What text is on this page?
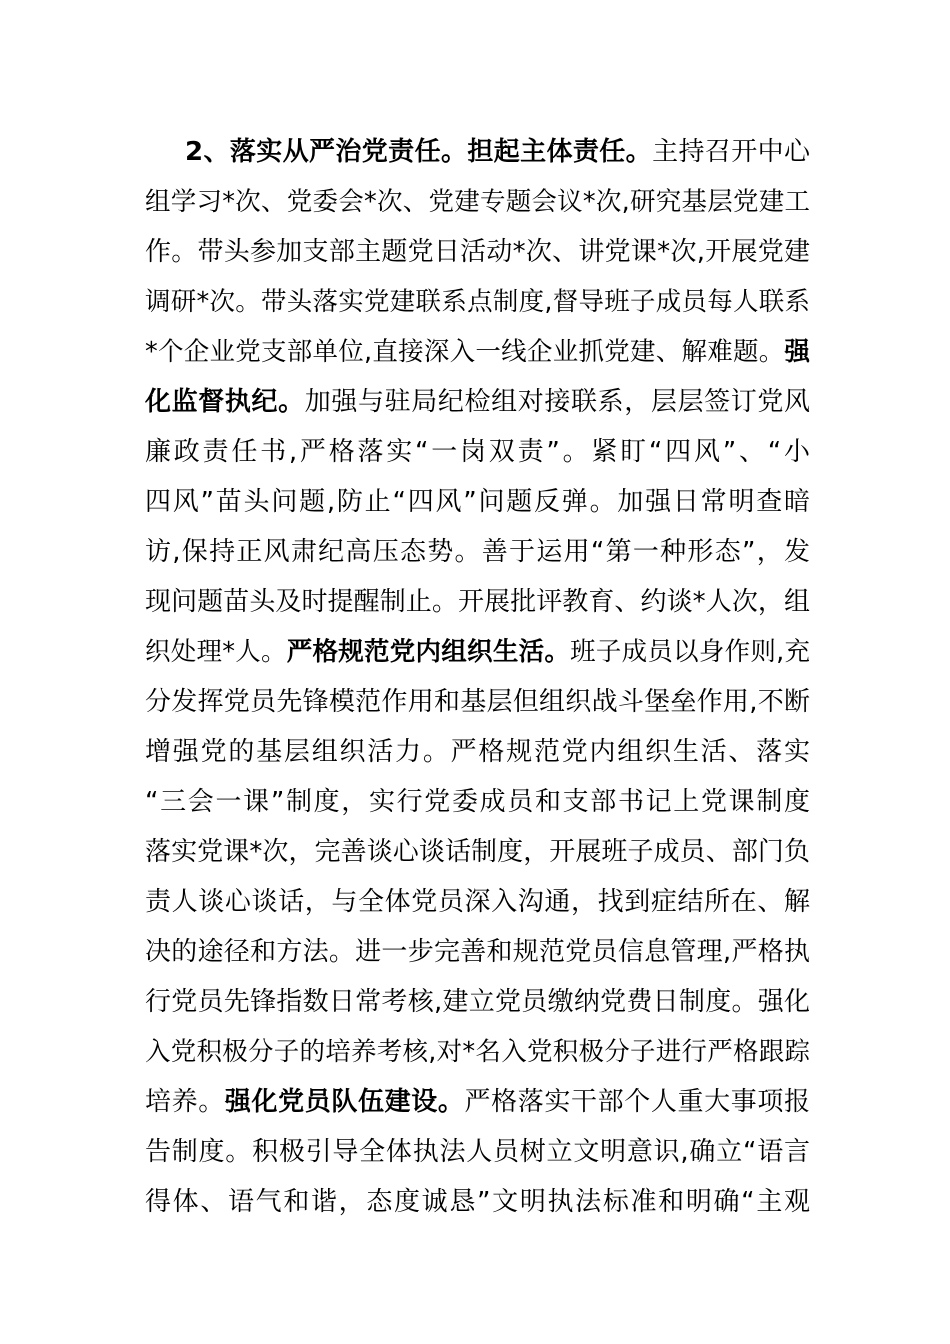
2、落实从严治党责任。担起主体责任。主持召开中心
组学习*次、党委会*次、党建专题会议*次,研究基层党建工
作。带头参加支部主题党日活动*次、讲党课*次,开展党建
调研*次。带头落实党建联系点制度,督导班子成员每人联系
*个企业党支部单位,直接深入一线企业抓党建、解难题。强
化监督执纪。加强与驻局纪检组对接联系，层层签订党风
廉政责任书,严格落实“一岗双责”。紧盯“四风”、“小
四风”苗头问题,防止“四风”问题反弹。加强日常明查暗
访,保持正风肃纪高压态势。善于运用“第一种形态”，发
现问题苗头及时提醒制止。开展批评教育、约谈*人次，组
织处理*人。严格规范党内组织生活。班子成员以身作则,充
分发挥党员先锋模范作用和基层但组织战斗堡垒作用,不断
增强党的基层组织活力。严格规范党内组织生活、落实
“三会一课”制度，实行党委成员和支部书记上党课制度
落实党课*次，完善谈心谈话制度，开展班子成员、部门负
责人谈心谈话，与全体党员深入沟通，找到症结所在、解
决的途径和方法。进一步完善和规范党员信息管理,严格执
行党员先锋指数日常考核,建立党员缴纳党费日制度。强化
入党积极分子的培养考核,对*名入党积极分子进行严格跟踪
培养。强化党员队伍建设。严格落实干部个人重大事项报
告制度。积极引导全体执法人员树立文明意识,确立“语言
得体、语气和谐，态度诚恳”文明执法标准和明确“主观
